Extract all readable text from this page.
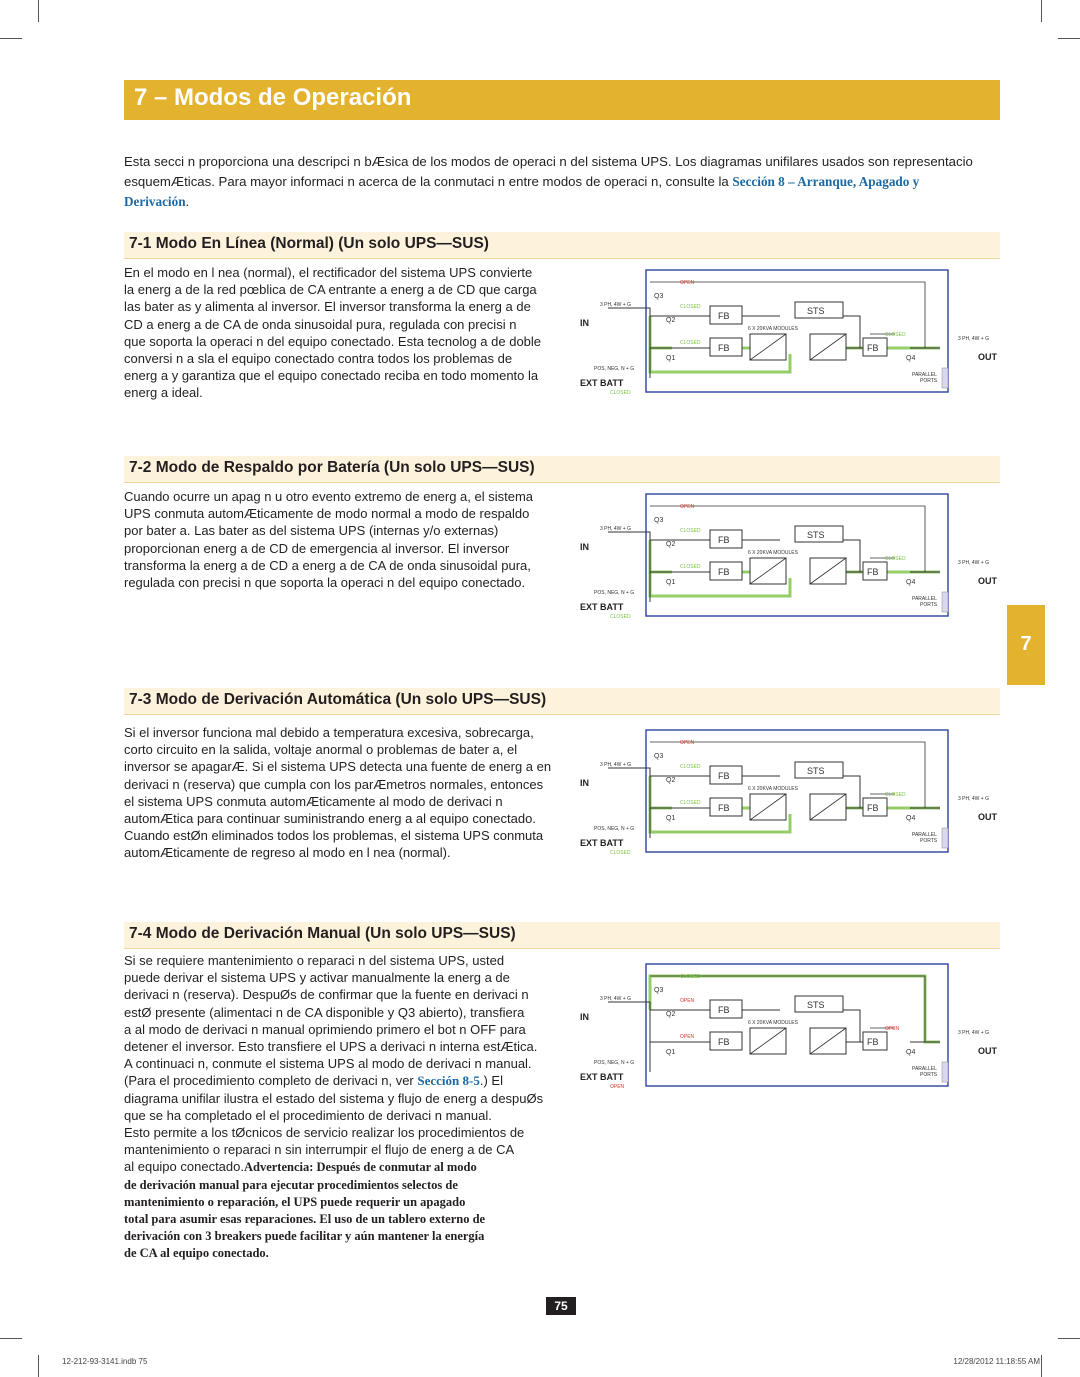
7 – Modos de Operación
Esta secci n proporciona una descripci n bÆsica de los modos de operaci n del sistema UPS. Los diagramas unifilares usados son representacio
esquemÆticas. Para mayor informaci n acerca de la conmutaci n entre modos de operaci n, consulte la Sección 8 – Arranque, Apagado y
Derivación.
7-1 Modo En Línea (Normal) (Un solo UPS—SUS)
7-2 Modo de Respaldo por Batería (Un solo UPS—SUS)
7-3 Modo de Derivación Automática (Un solo UPS—SUS)
7-4 Modo de Derivación Manual (Un solo UPS—SUS)
En el modo en l nea (normal), el rectificador del sistema UPS convierte
la energ a de la red pœblica de CA entrante a energ a de CD que carga
las bater as y alimenta al inversor. El inversor transforma la energ a de
CD a energ a de CA de onda sinusoidal pura, regulada con precisi n
que soporta la operaci n del equipo conectado. Esta tecnolog a de doble
conversi n a sla el equipo conectado contra todos los problemas de
energ a y garantiza que el equipo conectado reciba en todo momento la
energ a ideal.
Cuando ocurre un apag n u otro evento extremo de energ a, el sistema
UPS conmuta automÆticamente de modo normal a modo de respaldo
por bater a. Las bater as del sistema UPS (internas y/o externas)
proporcionan energ a de CD de emergencia al inversor. El inversor
transforma la energ a de CD a energ a de CA de onda sinusoidal pura,
regulada con precisi n que soporta la operaci n del equipo conectado.
Si el inversor funciona mal debido a temperatura excesiva, sobrecarga,
corto circuito en la salida, voltaje anormal o problemas de bater a, el
inversor se apagarÆ. Si el sistema UPS detecta una fuente de energ a en
derivaci n (reserva) que cumpla con los parÆmetros normales, entonces
el sistema UPS conmuta automÆticamente al modo de derivaci n
automÆtica para continuar suministrando energ a al equipo conectado.
Cuando estØn eliminados todos los problemas, el sistema UPS conmuta
automÆticamente de regreso al modo en l nea (normal).
Si se requiere mantenimiento o reparaci n del sistema UPS, usted
puede derivar el sistema UPS y activar manualmente la energ a de
derivaci n (reserva). DespuØs de confirmar que la fuente en derivaci n
estØ presente (alimentaci n de CA disponible y Q3 abierto), transfiera
a al modo de derivaci n manual oprimiendo primero el bot n OFF para
detener el inversor. Esto transfiere el UPS a derivaci n interna estÆtica.
A continuaci n, conmute el sistema UPS al modo de derivaci n manual.
(Para el procedimiento completo de derivaci n, ver Sección 8-5.) El
diagrama unifilar ilustra el estado del sistema y flujo de energ a despuØs
que se ha completado el el procedimiento de derivaci n manual.
Esto permite a los tØcnicos de servicio realizar los procedimientos de
mantenimiento o reparaci n sin interrumpir el flujo de energ a de CA
al equipo conectado.Advertencia: Después de conmutar al modo
de derivación manual para ejecutar procedimientos selectos de
mantenimiento o reparación, el UPS puede requerir un apagado
total para asumir esas reparaciones. El uso de un tablero externo de
derivación con 3 breakers puede facilitar y aún mantener la energía
de CA al equipo conectado.
FB	STS
FB	FB
6 X 20KVA MODULES
Q3
OPEN
Q2
CLOSED
Q1
CLOSED
Q4
CLOSED
3 PH, 4W + G
IN
3 PH, 4W + G
OUT
POS, NEG, N + G
EXT BATT
CLOSED
PARALLEL
PORTS
FB	STS
FB	FB
6 X 20KVA MODULES
Q3
OPEN
Q2
CLOSED
Q1
CLOSED
Q4
CLOSED
3 PH, 4W + G
IN
3 PH, 4W + G
OUT
POS, NEG, N + G
EXT BATT
CLOSED
PARALLEL
PORTS
FB	STS
FB	FB
6 X 20KVA MODULES
Q3
OPEN
Q2
CLOSED
Q1
CLOSED
Q4
CLOSED
3 PH, 4W + G
IN
3 PH, 4W + G
OUT
POS, NEG, N + G
EXT BATT
CLOSED
PARALLEL
PORTS
FB	STS
FB	FB
6 X 20KVA MODULES
Q3
CLOSED
Q2
OPEN
Q1
OPEN
Q4
OPEN
3 PH, 4W + G
IN
3 PH, 4W + G
OUT
POS, NEG, N + G
EXT BATT
OPEN
PARALLEL
PORTS
7
75
12-212-93-3141.indb 75	12/28/2012 11:18:55 AM
